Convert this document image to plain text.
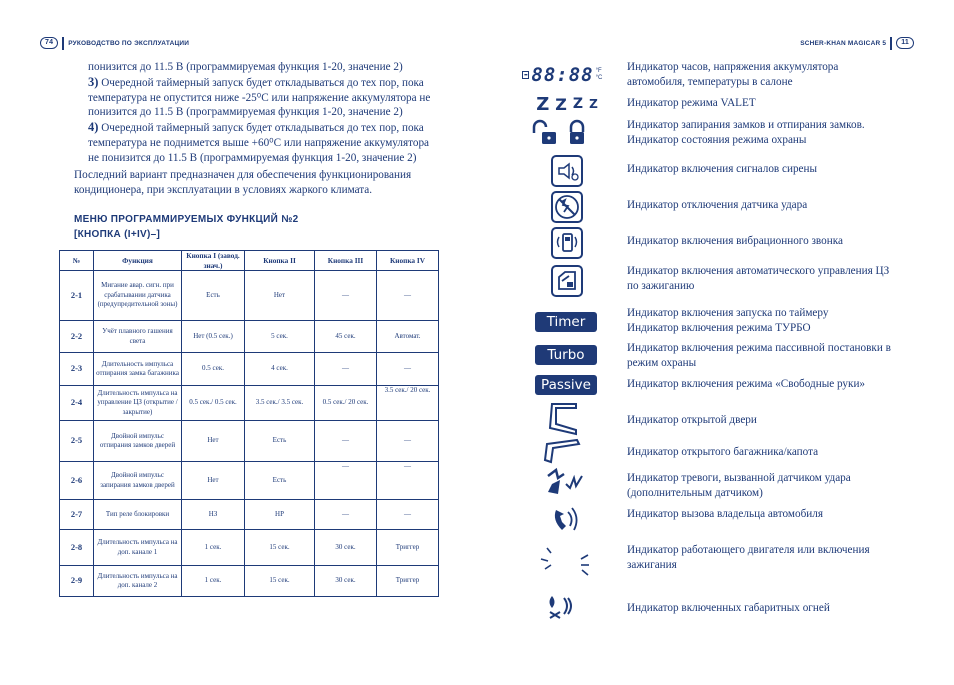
74	РУКОВОДСТВО ПО ЭКСПЛУАТАЦИИ	SCHER-KHAN MAGICAR 5	11
понизится до 11.5 В (программируемая функция 1-20, значение 2)
3) Очередной таймерный запуск будет откладываться до тех пор, пока
температура не опустится ниже -25⁰С или напряжение аккумулятора не
понизится до 11.5 В (программируемая функция 1-20, значение 2)
4) Очередной таймерный запуск будет откладываться до тех пор, пока
температура не поднимется выше +60⁰С или напряжение аккумулятора
не понизится до 11.5 В (программируемая функция 1-20, значение 2)
Последний вариант предназначен для обеспечения функционирования
кондиционера, при эксплуатации в условиях жаркого климата.
МЕНЮ ПРОГРАММИРУЕМЫХ ФУНКЦИЙ №2
[КНОПКА (I+IV)–]
№	Функция	Кнопка I (завод. знач.)	Кнопка II	Кнопка III	Кнопка IV
2-1	Мигание авар. сигн. при срабатывании датчика (предупредительной зоны)	Есть	Нет	—	—
2-2	Учёт плавного гашения света	Нет (0.5 сек.)	5 сек.	45 сек.	Автомат.
2-3	Длительность импульса отпирания замка багажника	0.5 сек.	4 сек.	—	—
2-4	Длительность импульса на управление ЦЗ (открытие /закрытие)	0.5 сек./ 0.5 сек.	3.5 сек./ 3.5 сек.	0.5 сек./ 20 сек.	3.5 сек./ 20 сек.
2-5	Двойной импульс отпирания замков дверей	Нет	Есть	—	—
2-6	Двойной импульс запирания замков дверей	Нет	Есть	—	—
2-7	Тип реле блокировки	НЗ	НР	—	—
2-8	Длительность импульса на доп. канале 1	1 сек.	15 сек.	30 сек.	Триггер
2-9	Длительность импульса на доп. канале 2	1 сек.	15 сек.	30 сек.	Триггер
▬ 88:88 °F °C
Z Z Z Z
Timer
Turbo
Passive
Индикатор часов, напряжения аккумулятора
автомобиля, температуры в салоне
Индикатор режима VALET
Индикатор запирания замков и отпирания замков.
Индикатор состояния режима охраны
Индикатор включения сигналов сирены
Индикатор отключения датчика удара
Индикатор включения вибрационного звонка
Индикатор включения автоматического управления ЦЗ
по зажиганию
Индикатор включения запуска по таймеру
Индикатор включения режима ТУРБО
Индикатор включения режима пассивной постановки в
режим охраны
Индикатор включения режима «Свободные руки»
Индикатор открытой двери
Индикатор открытого багажника/капота
Индикатор тревоги, вызванной датчиком удара
(дополнительным датчиком)
Индикатор вызова владельца автомобиля
Индикатор работающего двигателя или включения
зажигания
Индикатор включенных габаритных огней
